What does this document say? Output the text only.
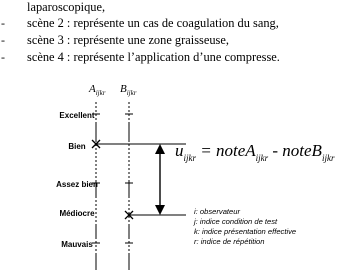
laparoscopique,
- scène 2 : représente un cas de coagulation du sang,
- scène 3 : représente une zone graisseuse,
- scène 4 : représente l’application d’une compresse.
$A_{ijkr}$ $B_{ijkr}$
Excellent
Bien
Assez bien
Médiocre
Mauvais
$u_{ijkr}$ = noteA$_{ijkr}$ - noteB$_{ijkr}$
i: observateur
j: indice condition de test
k: indice présentation effective
r: indice de répétition
